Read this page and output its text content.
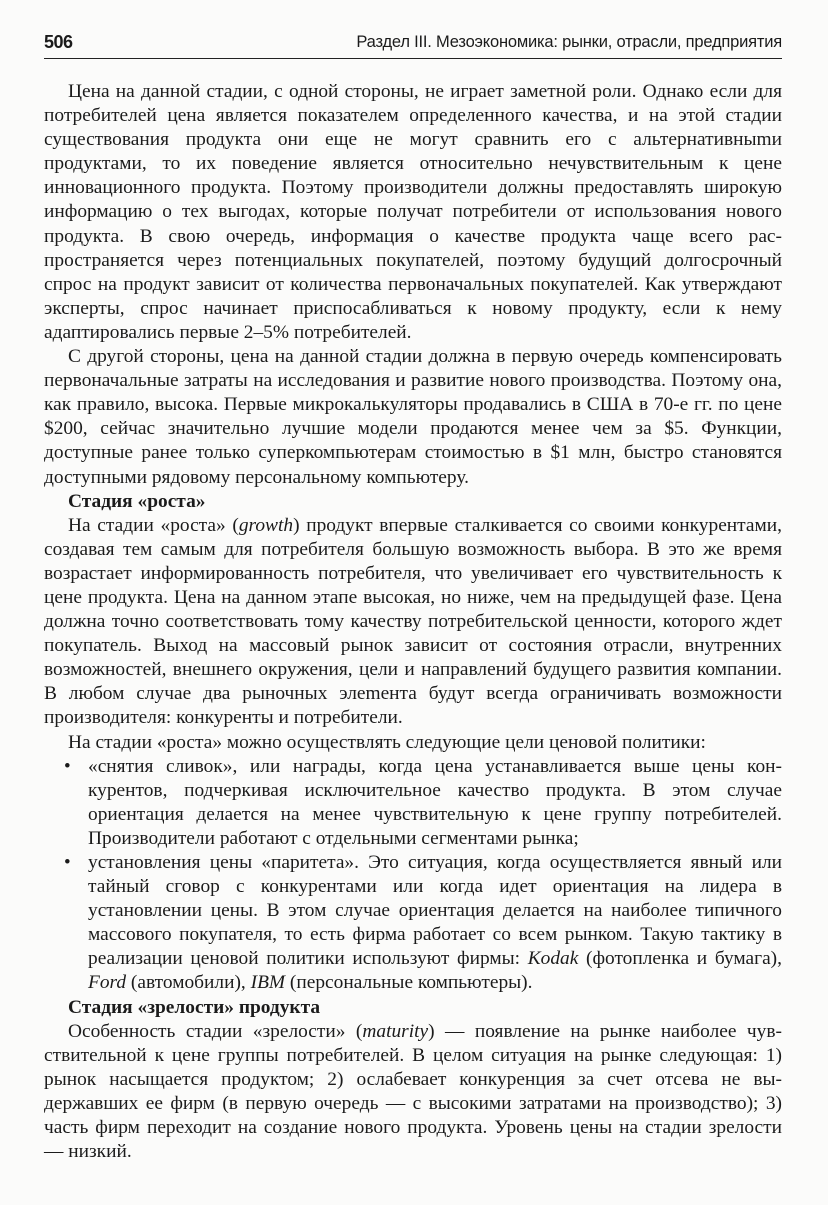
506	Раздел III. Мезоэкономика: рынки, отрасли, предприятия

Цена на данной стадии, с одной стороны, не играет заметной роли. Однако если для потребителей цена является показателем определенного качества, и на этой стадии существования продукта они еще не могут сравнить его с альтернативныmи продуктами, то их поведение является относительно нечувствительным к цене инновационного продукта. Поэтому производители должны предоставлять широкую информацию о тех выгодах, которые получат потребители от использования нового продукта. В свою очередь, информация о качестве продукта чаще всего распространяется через потенциальных покупателей, поэтому будущий долгосрочный спрос на продукт зависит от количества первоначальных покупателей. Как утверждают эксперты, спрос начинает приспосабливаться к новому продукту, если к нему адаптировались первые 2–5% потребителей.

С другой стороны, цена на данной стадии должна в первую очередь компенсировать первоначальные затраты на исследования и развитие нового производства. Поэтому она, как правило, высока. Первые микрокалькуляторы продавались в США в 70-е гг. по цене $200, сейчас значительно лучшие модели продаются менее чем за $5. Функции, доступные ранее только суперкомпьютерам стоимостью в $1 млн, быстро становятся доступными рядовому персональному компьютеру.

Стадия «роста»

На стадии «роста» (growth) продукт впервые сталкивается со своими конкурентами, создавая тем самым для потребителя большую возможность выбора. В это же время возрастает информированность потребителя, что увеличивает его чувствительность к цене продукта. Цена на данном этапе высокая, но ниже, чем на предыдущей фазе. Цена должна точно соответствовать тому качеству потребительской ценности, которого ждет покупатель. Выход на массовый рынок зависит от состояния отрасли, внутренних возможностей, внешнего окружения, цели и направлений будущего развития компании. В любом случае два рыночных элеmента будут всегда ограничивать возможности производителя: конкуренты и потребители.

На стадии «роста» можно осуществлять следующие цели ценовой политики:

• «снятия сливок», или награды, когда цена устанавливается выше цены конкурентов, подчеркивая исключительное качество продукта. В этом случае ориентация делается на менее чувствительную к цене группу потребителей. Производители работают с отдельными сегментами рынка;
• установления цены «паритета». Это ситуация, когда осуществляется явный или тайный сговор с конкурентами или когда идет ориентация на лидера в установлении цены. В этом случае ориентация делается на наиболее типичного массового покупателя, то есть фирма работает со всем рынком. Такую тактику в реализации ценовой политики используют фирмы: Kodak (фотопленка и бумага), Ford (автомобили), IBM (персональные компьютеры).
Стадия «зрелости» продукта

Особенность стадии «зрелости» (maturity) — появление на рынке наиболее чувствительной к цене группы потребителей. В целом ситуация на рынке следующая: 1) рынок насыщается продуктом; 2) ослабевает конкуренция за счет отсева не выдержавших ее фирм (в первую очередь — с высокими затратами на производство); 3) часть фирм переходит на создание нового продукта. Уровень цены на стадии зрелости — низкий.
